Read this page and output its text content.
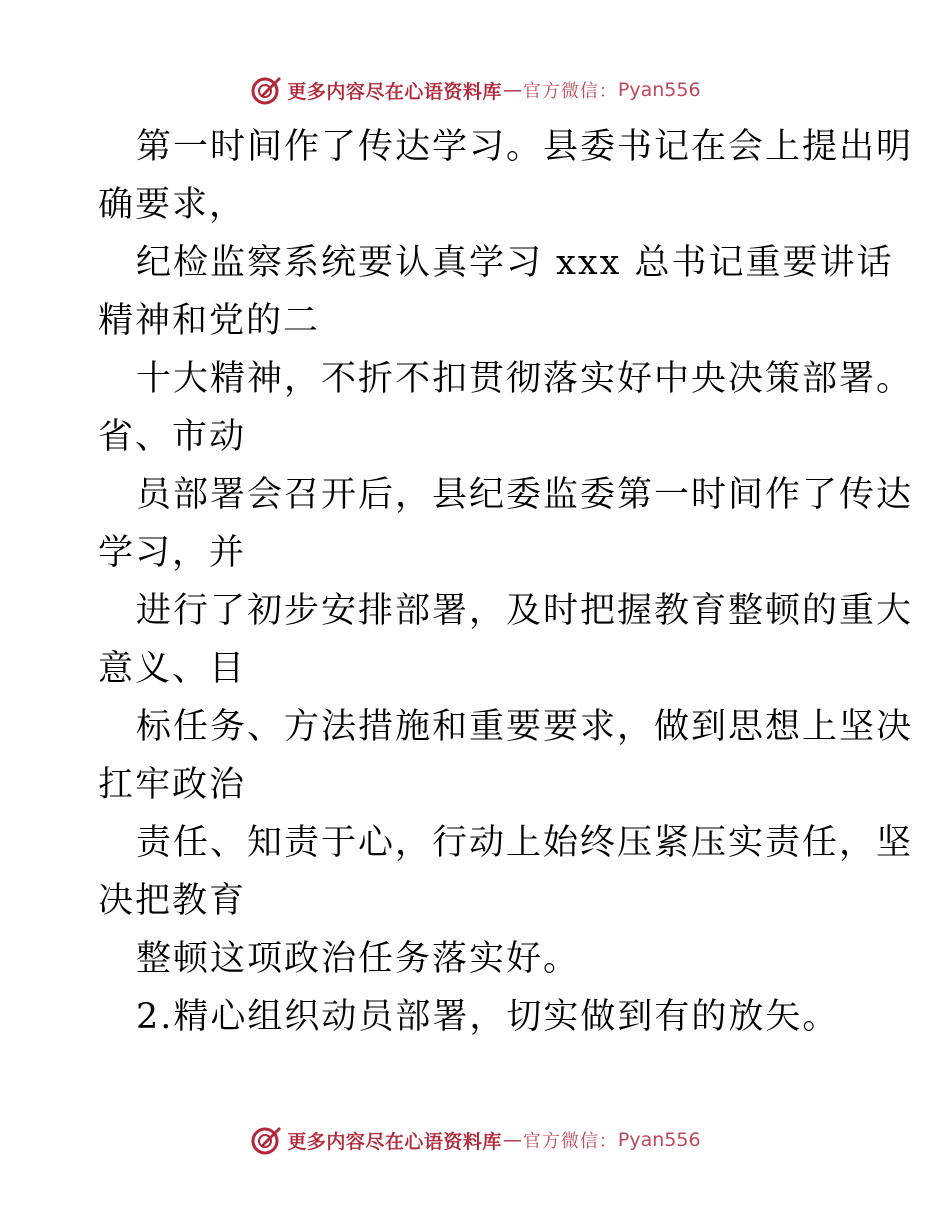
更多内容尽在心语资料库 — 官方微信： Pyan556
第一时间作了传达学习。县委书记在会上提出明
确要求，
纪检监察系统要认真学习 xxx 总书记重要讲话
精神和党的二
十大精神，不折不扣贯彻落实好中央决策部署。
省、市动
员部署会召开后，县纪委监委第一时间作了传达
学习，并
进行了初步安排部署，及时把握教育整顿的重大
意义、目
标任务、方法措施和重要要求，做到思想上坚决
扛牢政治
责任、知责于心，行动上始终压紧压实责任，坚
决把教育
整顿这项政治任务落实好。
2.精心组织动员部署，切实做到有的放矢。
更多内容尽在心语资料库 — 官方微信： Pyan556
